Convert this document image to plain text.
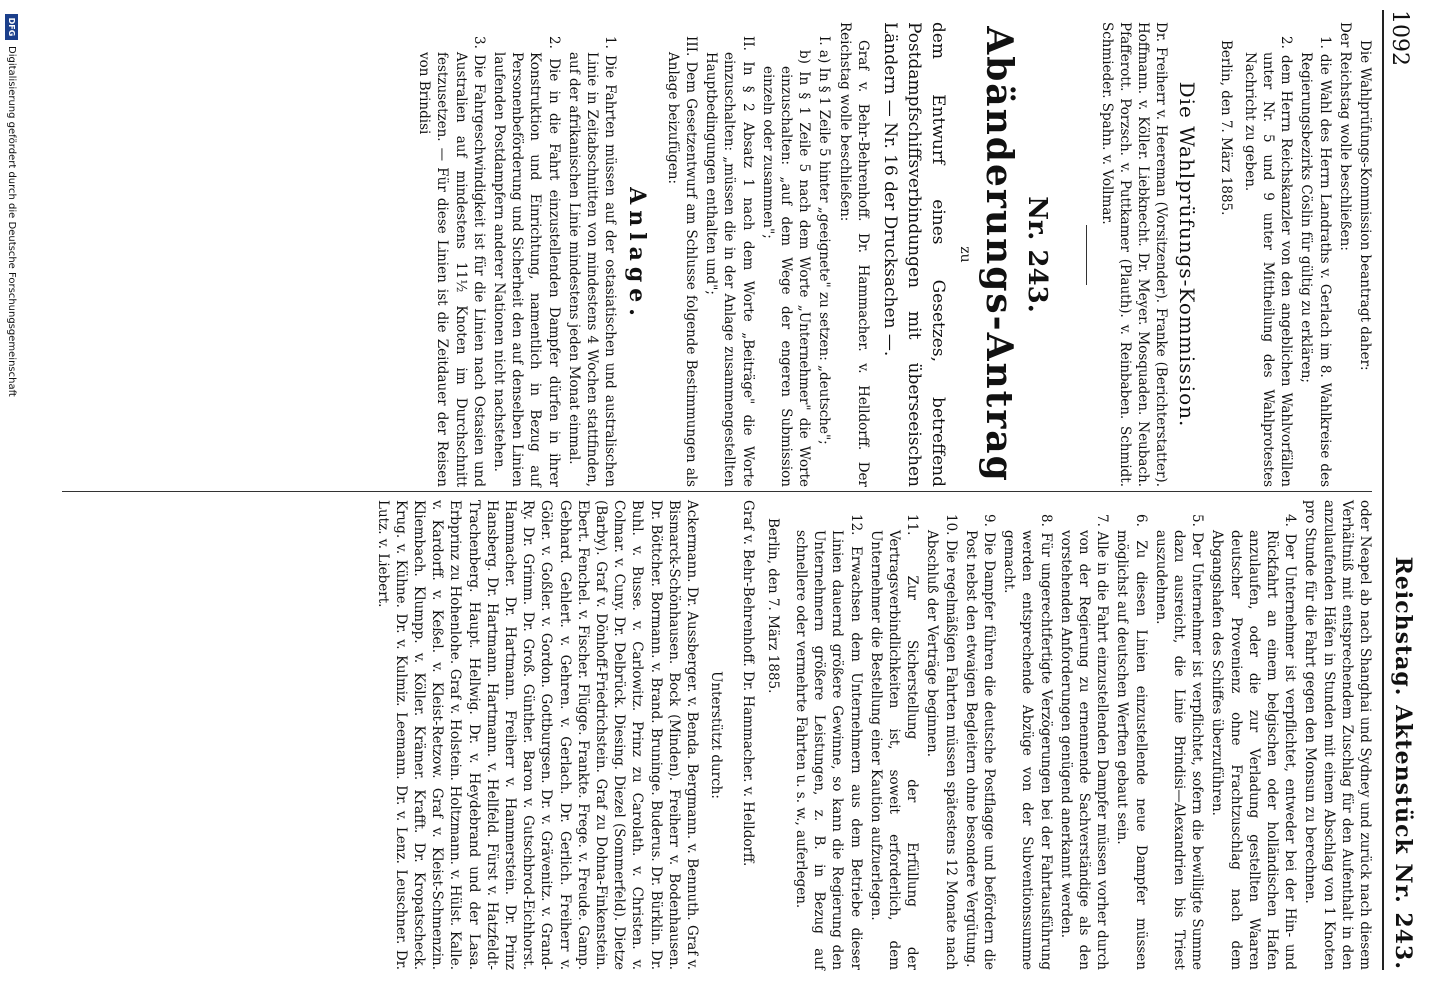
1092
Reichstag. Aktenstück Nr. 243.

Die Wahlprüfungs-Kommission beantragt daher:

Der Reichstag wolle beschließen:

1. die Wahl des Herrn Landraths v. Gerlach im 8. Wahlkreise des Regierungsbezirks Cöslin für gültig zu erklären;

2. dem Herrn Reichskanzler von den angeblichen Wahlvorfällen unter Nr. 5 und 9 unter Mittheilung des Wahlprotestes Nachricht zu geben.

Berlin, den 7. März 1885.

Die Wahlprüfungs-Kommission.

Dr. Freiherr v. Heereman (Vorsitzender). Franke (Berichterstatter). Hoffmann. v. Köller. Liebknecht. Dr. Meyer. Mosquaden. Neubach. Pfafferott. Porzsch. v. Puttkamer (Plauth). v. Reinbaben. Schmidt. Schmieder. Spahn. v. Vollmar.

Nr. 243.
Abänderungs-Antrag
zu

dem Entwurf eines Gesetzes, betreffend Postdampfschiffsverbindungen mit überseeischen Ländern — Nr. 16 der Drucksachen —.

Graf v. Behr-Behrenhoff. Dr. Hammacher. v. Helldorff. Der Reichstag wolle beschließen:

I. a) In § 1 Zeile 5 hinter „geeignete" zu setzen: „deutsche";

b) In § 1 Zeile 5 nach dem Worte „Unternehmer" die Worte einzuschalten: „auf dem Wege der engeren Submission einzeln oder zusammen";

II. In § 2 Absatz 1 nach dem Worte „Beiträge" die Worte einzuschalten: „müssen die in der Anlage zusammengestellten Hauptbedingungen enthalten und";

III. Dem Gesetzentwurf am Schlusse folgende Bestimmungen als Anlage beizufügen:

Anlage.

1. Die Fahrten müssen auf der ostasiatischen und australischen Linie in Zeitabschnitten von mindestens 4 Wochen stattfinden, auf der afrikanischen Linie mindestens jeden Monat einmal.

2. Die in die Fahrt einzustellenden Dampfer dürfen in ihrer Konstruktion und Einrichtung, namentlich in Bezug auf Personenbeförderung und Sicherheit den auf denselben Linien laufenden Postdampfern anderer Nationen nicht nachstehen.

3. Die Fahrgeschwindigkeit ist für die Linien nach Ostasien und Australien auf mindestens 11½ Knoten im Durchschnitt festzusetzen. — Für diese Linien ist die Zeitdauer der Reisen von Brindisi

oder Neapel ab nach Shanghai und Sydney und zurück nach diesem Verhältniß mit entsprechendem Zuschlag für den Aufenthalt in den anzulaufenden Häfen in Stunden mit einem Abschlag von 1 Knoten pro Stunde für die Fahrt gegen den Monsun zu berechnen.

4. Der Unternehmer ist verpflichtet, entweder bei der Hin- und Rückfahrt an einem belgischen oder holländischen Hafen anzulaufen, oder die zur Verladung gestellten Waaren deutscher Provenienz ohne Frachtzuschlag nach dem Abgangshafen des Schiffes überzuführen.

5. Der Unternehmer ist verpflichtet, sofern die bewilligte Summe dazu ausreicht, die Linie Brindisi—Alexandrien bis Triest auszudehnen.

6. Zu diesen Linien einzustellende neue Dampfer müssen möglichst auf deutschen Werften gebaut sein.

7. Alle in die Fahrt einzustellenden Dampfer müssen vorher durch von der Regierung zu ernennende Sachverständige als den vorstehenden Anforderungen genügend anerkannt werden.

8. Für ungerechtfertigte Verzögerungen bei der Fahrtausführung werden entsprechende Abzüge von der Subventionssumme gemacht.

9. Die Dampfer führen die deutsche Postflagge und befördern die Post nebst den etwaigen Begleitern ohne besondere Vergütung.

10. Die regelmäßigen Fahrten müssen spätestens 12 Monate nach Abschluß der Verträge beginnen.

11. Zur Sicherstellung der Erfüllung der Vertragsverbindlichkeiten ist, soweit erforderlich, dem Unternehmer die Bestellung einer Kaution aufzuerlegen.

12. Erwachsen dem Unternehmern aus dem Betriebe dieser Linien dauernd größere Gewinne, so kann die Regierung den Unternehmern größere Leistungen, z. B. in Bezug auf schnellere oder vermehrte Fahrten u. s. w., auferlegen.

Berlin, den 7. März 1885.

Graf v. Behr-Behrenhoff. Dr. Hammacher. v. Helldorff.

Unterstützt durch:

Ackermann. Dr. Aussberger. v. Benda. Bergmann. v. Bennuth. Graf v. Bismarck-Schönhausen. Bock (Minden). Freiherr v. Bodenhausen. Dr. Böttcher. Bormann. v. Brand. Bruninge. Buderus. Dr. Bürklin. Dr. Buhl. v. Busse. v. Carlowitz. Prinz zu Carolath. v. Christen. v. Colmar. v. Cuny. Dr. Delbrück. Diesing. Diezel (Sommerfeld). Dietze (Barby). Graf v. Dönhoff-Friedrichstein. Graf zu Dohna-Finkenstein. Ebert. Fenchel. v. Fischer. Flügge. Frankte. Frege. v. Freude. Gamp. Gebhard. Gehlert. v. Gehren. v. Gerlach. Dr. Gerlich. Freiherr v. Göler. v. Goßler. v. Gordon. Gottburgsen. Dr. v. Grävenitz. v. Grand-Ry. Dr. Grimm. Dr. Groß. Günther. Baron v. Gutschbrod-Eichhorst. Hammacher. Dr. Hartmann. Freiherr v. Hammerstein. Dr. Prinz Hansberg. Dr. Hartmann. Hartmann. v. Hellfeld. Fürst v. Hatzfeldt-Trachenberg. Haupt. Hellwig. Dr. v. Heydebrand und der Lasa. Erbprinz zu Hohenlohe. Graf v. Holstein. Holtzmann. v. Hülst. Kalle. v. Kardorff. v. Keßel. v. Kleist-Retzow. Graf v. Kleist-Schmenzin. Kliembach. Klumpp. v. Köller. Krämer. Krafft. Dr. Kropatscheck. Krug. v. Kühne. Dr. v. Kulmiz. Leemann. Dr. v. Lenz. Leuschner. Dr. Lutz. v. Liebert.

DFG
Digitalisierung gefördert durch die Deutsche Forschungsgemeinschaft
